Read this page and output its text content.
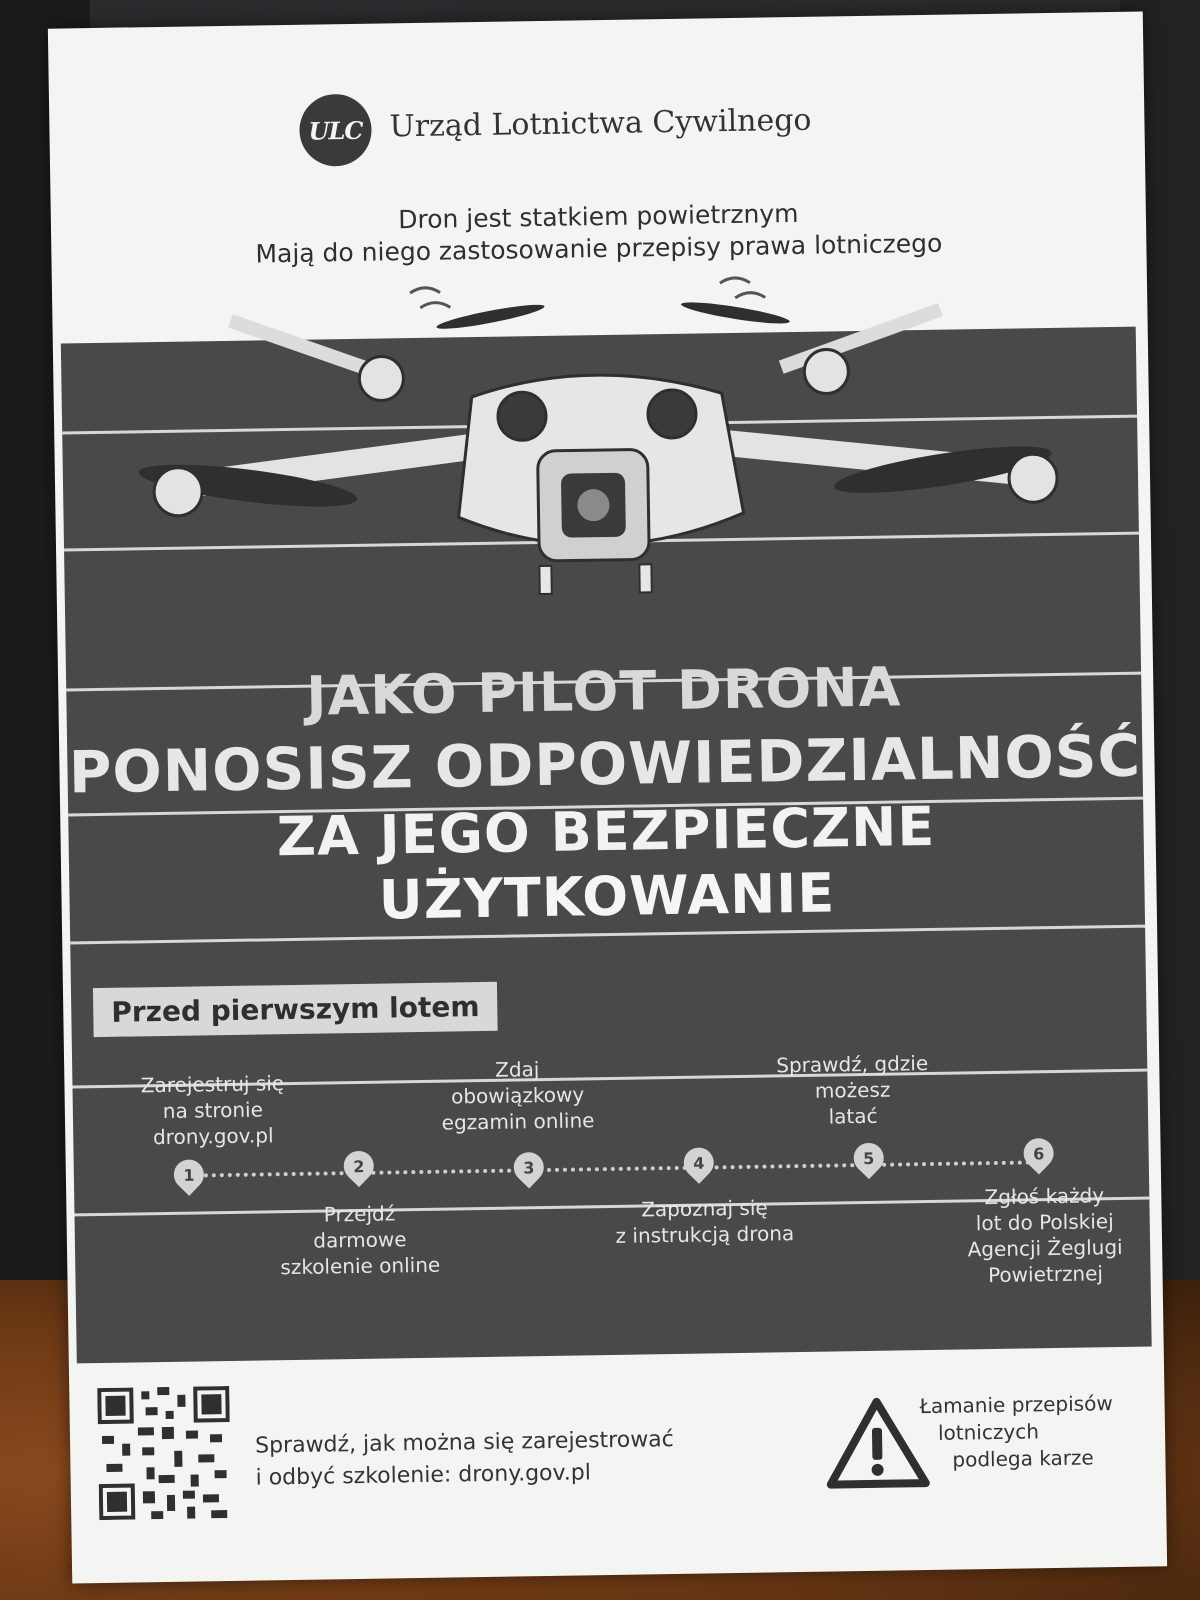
ULC Urząd Lotnictwa Cywilnego
Dron jest statkiem powietrznym
Mają do niego zastosowanie przepisy prawa lotniczego
JAKO PILOT DRONA
PONOSISZ ODPOWIEDZIALNOŚĆ
ZA JEGO BEZPIECZNE
UŻYTKOWANIE
Przed pierwszym lotem
Zarejestruj się
na stronie
drony.gov.pl
1	2
Przejdź
darmowe
szkolenie online
Zdaj
obowiązkowy
egzamin online
3	4
Zapoznaj się
z instrukcją drona
Sprawdź, gdzie
możesz
latać
5	6
Zgłoś każdy
lot do Polskiej
Agencji Żeglugi
Powietrznej
Sprawdź, jak można się zarejestrować
i odbyć szkolenie: drony.gov.pl
Łamanie przepisów
lotniczych
podlega karze
